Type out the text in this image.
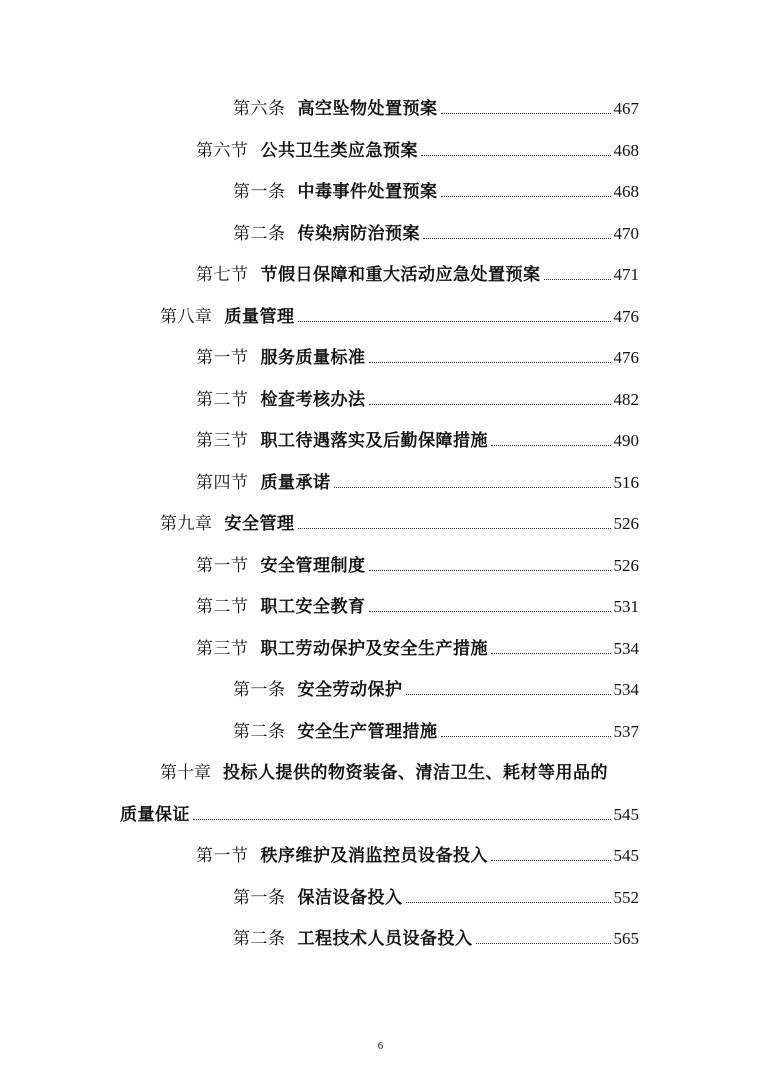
第六条 高空坠物处置预案	467
第六节 公共卫生类应急预案	468
第一条 中毒事件处置预案	468
第二条 传染病防治预案	470
第七节 节假日保障和重大活动应急处置预案	471
第八章 质量管理	476
第一节 服务质量标准	476
第二节 检查考核办法	482
第三节 职工待遇落实及后勤保障措施	490
第四节 质量承诺	516
第九章 安全管理	526
第一节 安全管理制度	526
第二节 职工安全教育	531
第三节 职工劳动保护及安全生产措施	534
第一条 安全劳动保护	534
第二条 安全生产管理措施	537
第十章 投标人提供的物资装备、清洁卫生、耗材等用品的
质量保证	545
第一节 秩序维护及消监控员设备投入	545
第一条 保洁设备投入	552
第二条 工程技术人员设备投入	565
6
